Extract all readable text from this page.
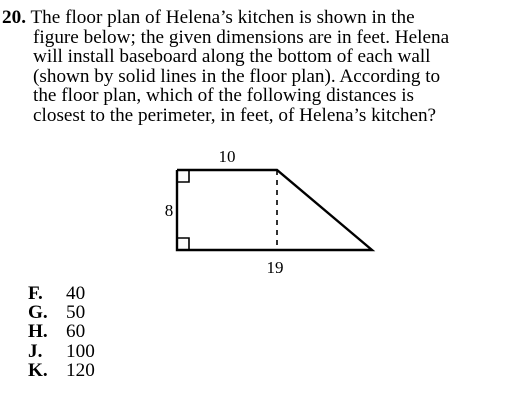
20. The floor plan of Helena’s kitchen is shown in the
figure below; the given dimensions are in feet. Helena
will install baseboard along the bottom of each wall
(shown by solid lines in the floor plan). According to
the floor plan, which of the following distances is
closest to the perimeter, in feet, of Helena’s kitchen?
10
8
19
F. 40
G. 50
H. 60
J. 100
K. 120
